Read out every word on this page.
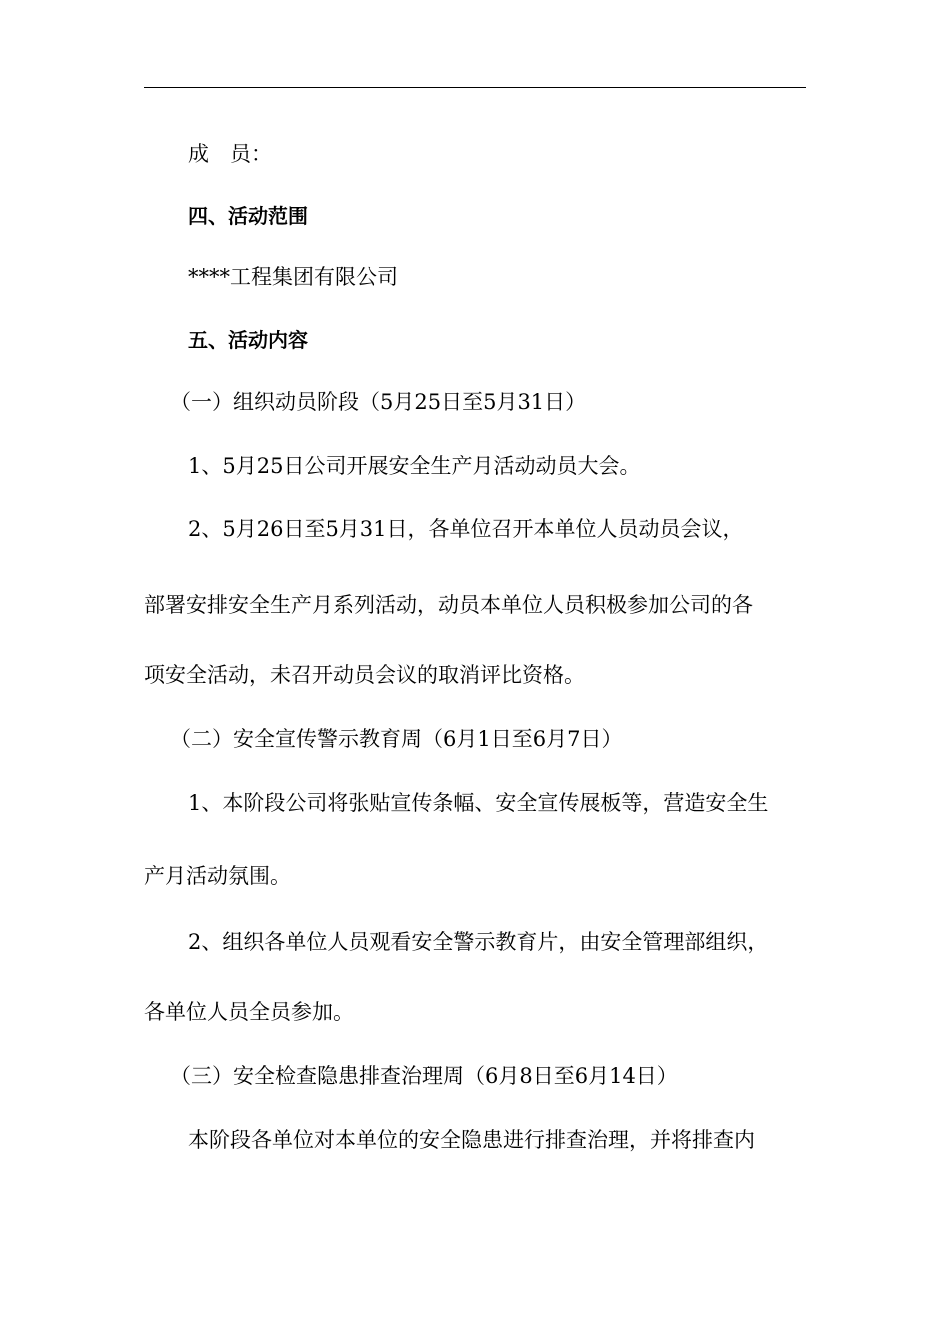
成　员：
四、活动范围
****工程集团有限公司
五、活动内容
（一）组织动员阶段（5月25日至5月31日）
1、5月25日公司开展安全生产月活动动员大会。
2、5月26日至5月31日，各单位召开本单位人员动员会议，
部署安排安全生产月系列活动，动员本单位人员积极参加公司的各
项安全活动，未召开动员会议的取消评比资格。
（二）安全宣传警示教育周（6月1日至6月7日）
1、本阶段公司将张贴宣传条幅、安全宣传展板等，营造安全生
产月活动氛围。
2、组织各单位人员观看安全警示教育片，由安全管理部组织，
各单位人员全员参加。
（三）安全检查隐患排查治理周（6月8日至6月14日）
本阶段各单位对本单位的安全隐患进行排查治理，并将排查内
